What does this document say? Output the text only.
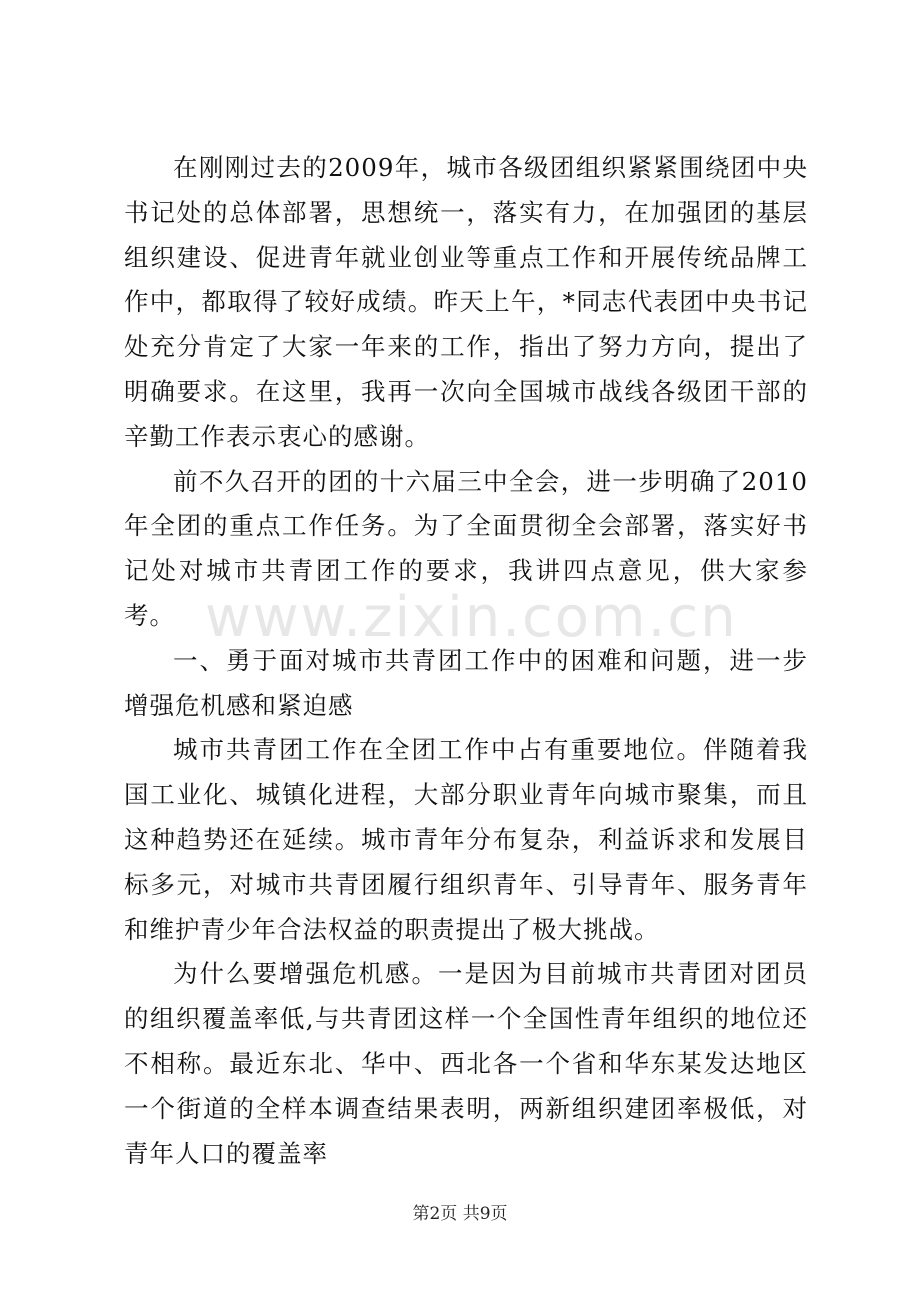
在刚刚过去的2009年，城市各级团组织紧紧围绕团中央书记处的总体部署，思想统一，落实有力，在加强团的基层组织建设、促进青年就业创业等重点工作和开展传统品牌工作中，都取得了较好成绩。昨天上午，*同志代表团中央书记处充分肯定了大家一年来的工作，指出了努力方向，提出了明确要求。在这里，我再一次向全国城市战线各级团干部的辛勤工作表示衷心的感谢。

前不久召开的团的十六届三中全会，进一步明确了2010年全团的重点工作任务。为了全面贯彻全会部署，落实好书记处对城市共青团工作的要求，我讲四点意见，供大家参考。

一、勇于面对城市共青团工作中的困难和问题，进一步增强危机感和紧迫感

城市共青团工作在全团工作中占有重要地位。伴随着我国工业化、城镇化进程，大部分职业青年向城市聚集，而且这种趋势还在延续。城市青年分布复杂，利益诉求和发展目标多元，对城市共青团履行组织青年、引导青年、服务青年和维护青少年合法权益的职责提出了极大挑战。

为什么要增强危机感。一是因为目前城市共青团对团员的组织覆盖率低,与共青团这样一个全国性青年组织的地位还不相称。最近东北、华中、西北各一个省和华东某发达地区一个街道的全样本调查结果表明，两新组织建团率极低，对青年人口的覆盖率

www.zixin.com.cn
第2页 共9页
